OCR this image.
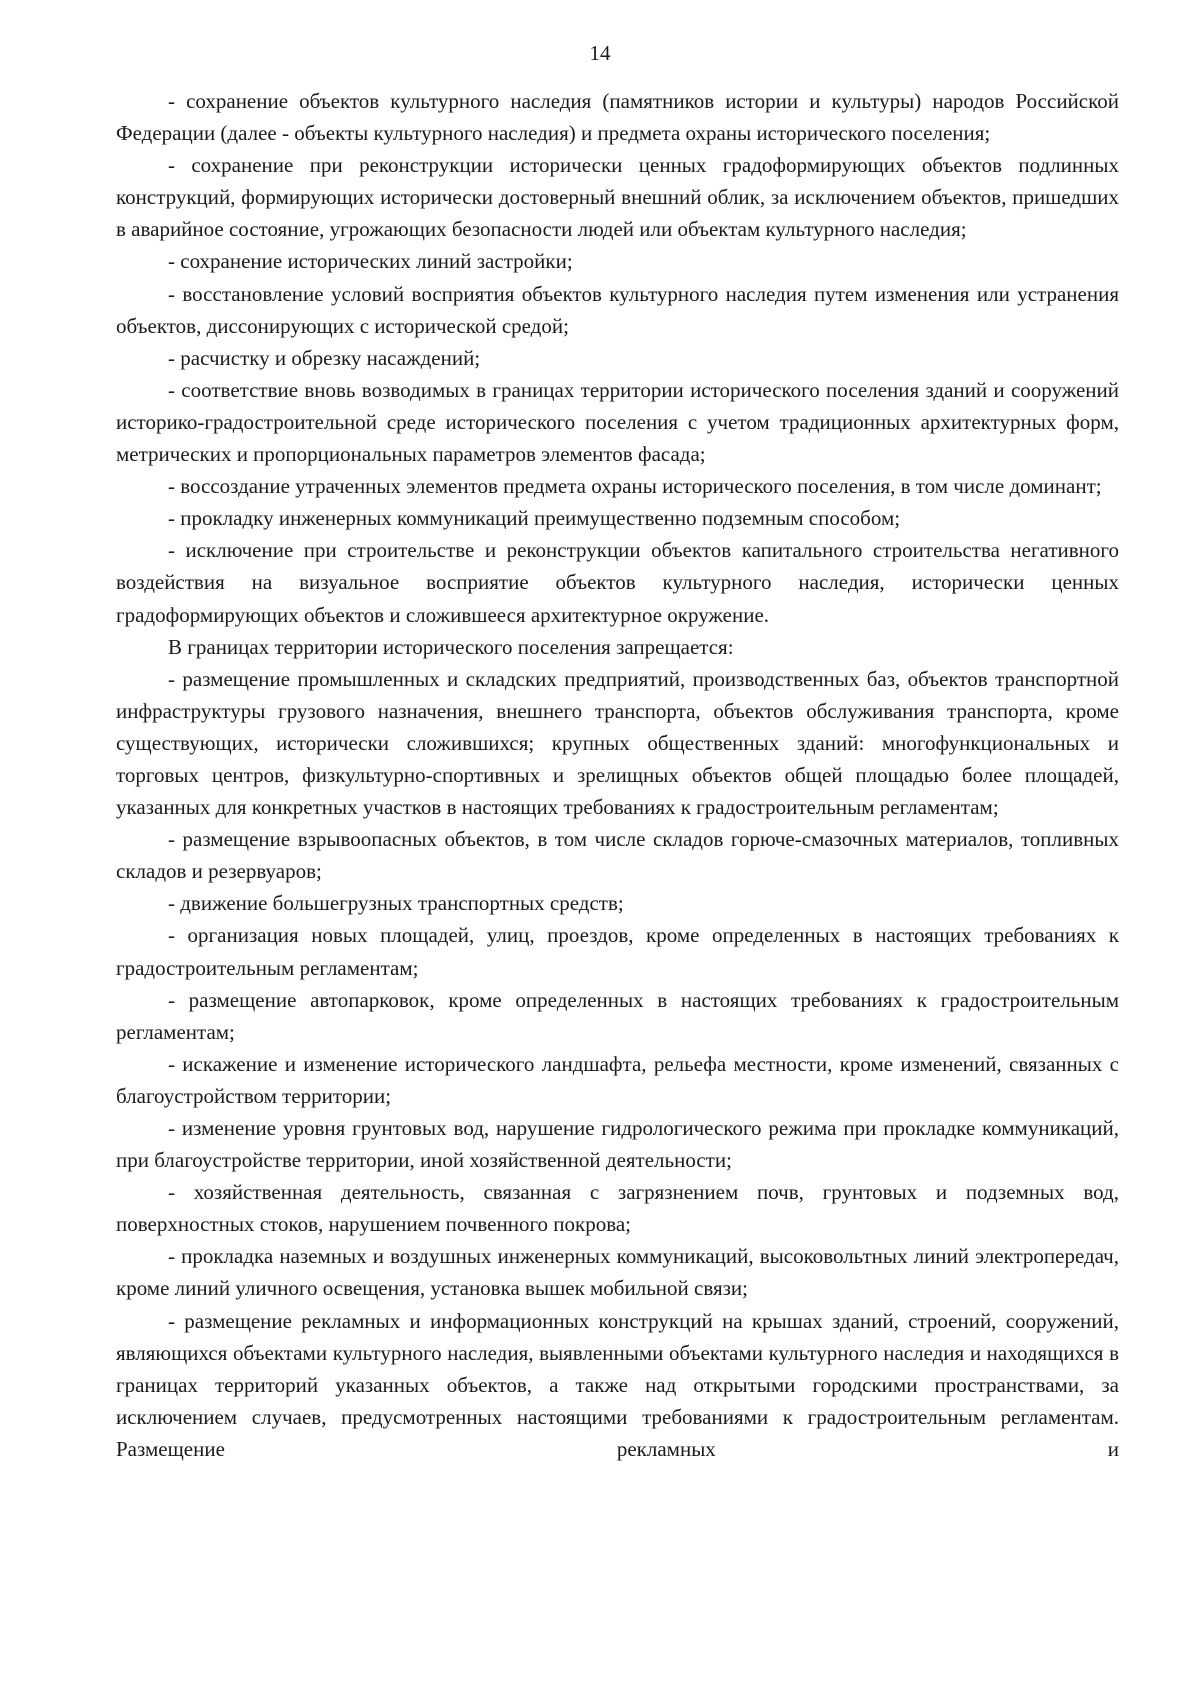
14

- сохранение объектов культурного наследия (памятников истории и культуры) народов Российской Федерации (далее - объекты культурного наследия) и предмета охраны исторического поселения;

- сохранение при реконструкции исторически ценных градоформирующих объектов подлинных конструкций, формирующих исторически достоверный внешний облик, за исключением объектов, пришедших в аварийное состояние, угрожающих безопасности людей или объектам культурного наследия;

- сохранение исторических линий застройки;

- восстановление условий восприятия объектов культурного наследия путем изменения или устранения объектов, диссонирующих с исторической средой;

- расчистку и обрезку насаждений;

- соответствие вновь возводимых в границах территории исторического поселения зданий и сооружений историко-градостроительной среде исторического поселения с учетом традиционных архитектурных форм, метрических и пропорциональных параметров элементов фасада;

- воссоздание утраченных элементов предмета охраны исторического поселения, в том числе доминант;

- прокладку инженерных коммуникаций преимущественно подземным способом;

- исключение при строительстве и реконструкции объектов капитального строительства негативного воздействия на визуальное восприятие объектов культурного наследия, исторически ценных градоформирующих объектов и сложившееся архитектурное окружение.

В границах территории исторического поселения запрещается:

- размещение промышленных и складских предприятий, производственных баз, объектов транспортной инфраструктуры грузового назначения, внешнего транспорта, объектов обслуживания транспорта, кроме существующих, исторически сложившихся; крупных общественных зданий: многофункциональных и торговых центров, физкультурно-спортивных и зрелищных объектов общей площадью более площадей, указанных для конкретных участков в настоящих требованиях к градостроительным регламентам;

- размещение взрывоопасных объектов, в том числе складов горюче-смазочных материалов, топливных складов и резервуаров;

- движение большегрузных транспортных средств;

- организация новых площадей, улиц, проездов, кроме определенных в настоящих требованиях к градостроительным регламентам;

- размещение автопарковок, кроме определенных в настоящих требованиях к градостроительным регламентам;

- искажение и изменение исторического ландшафта, рельефа местности, кроме изменений, связанных с благоустройством территории;

- изменение уровня грунтовых вод, нарушение гидрологического режима при прокладке коммуникаций, при благоустройстве территории, иной хозяйственной деятельности;

- хозяйственная деятельность, связанная с загрязнением почв, грунтовых и подземных вод, поверхностных стоков, нарушением почвенного покрова;

- прокладка наземных и воздушных инженерных коммуникаций, высоковольтных линий электропередач, кроме линий уличного освещения, установка вышек мобильной связи;

- размещение рекламных и информационных конструкций на крышах зданий, строений, сооружений, являющихся объектами культурного наследия, выявленными объектами культурного наследия и находящихся в границах территорий указанных объектов, а также над открытыми городскими пространствами, за исключением случаев, предусмотренных настоящими требованиями к градостроительным регламентам. Размещение рекламных и
